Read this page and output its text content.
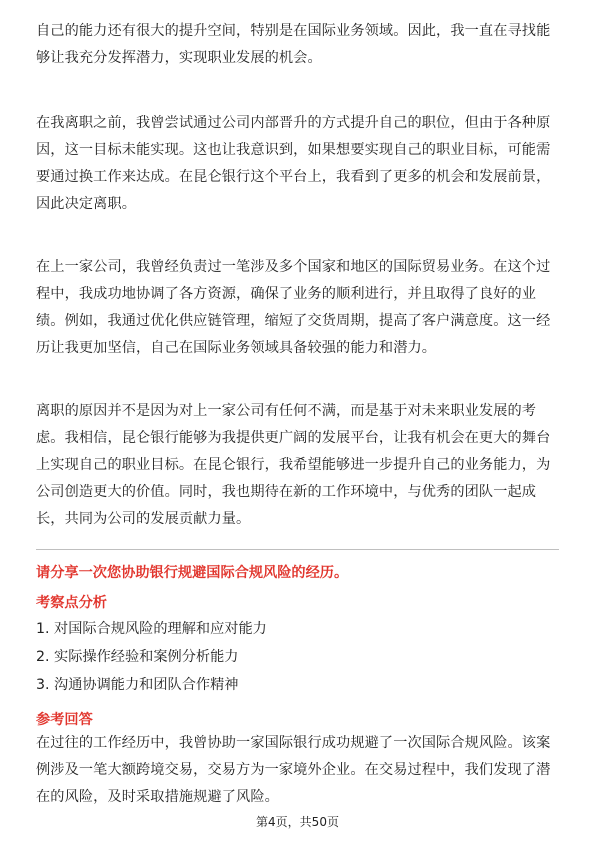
自己的能力还有很大的提升空间，特别是在国际业务领域。因此，我一直在寻找能
够让我充分发挥潜力，实现职业发展的机会。

在我离职之前，我曾尝试通过公司内部晋升的方式提升自己的职位，但由于各种原
因，这一目标未能实现。这也让我意识到，如果想要实现自己的职业目标，可能需
要通过换工作来达成。在昆仑银行这个平台上，我看到了更多的机会和发展前景，
因此决定离职。

在上一家公司，我曾经负责过一笔涉及多个国家和地区的国际贸易业务。在这个过
程中，我成功地协调了各方资源，确保了业务的顺利进行，并且取得了良好的业
绩。例如，我通过优化供应链管理，缩短了交货周期，提高了客户满意度。这一经
历让我更加坚信，自己在国际业务领域具备较强的能力和潜力。

离职的原因并不是因为对上一家公司有任何不满，而是基于对未来职业发展的考
虑。我相信，昆仑银行能够为我提供更广阔的发展平台，让我有机会在更大的舞台
上实现自己的职业目标。在昆仑银行，我希望能够进一步提升自己的业务能力，为
公司创造更大的价值。同时，我也期待在新的工作环境中，与优秀的团队一起成
长，共同为公司的发展贡献力量。

请分享一次您协助银行规避国际合规风险的经历。
考察点分析
1. 对国际合规风险的理解和应对能力
2. 实际操作经验和案例分析能力
3. 沟通协调能力和团队合作精神
参考回答

在过往的工作经历中，我曾协助一家国际银行成功规避了一次国际合规风险。该案
例涉及一笔大额跨境交易，交易方为一家境外企业。在交易过程中，我们发现了潜
在的风险，及时采取措施规避了风险。

第4页，共50页
